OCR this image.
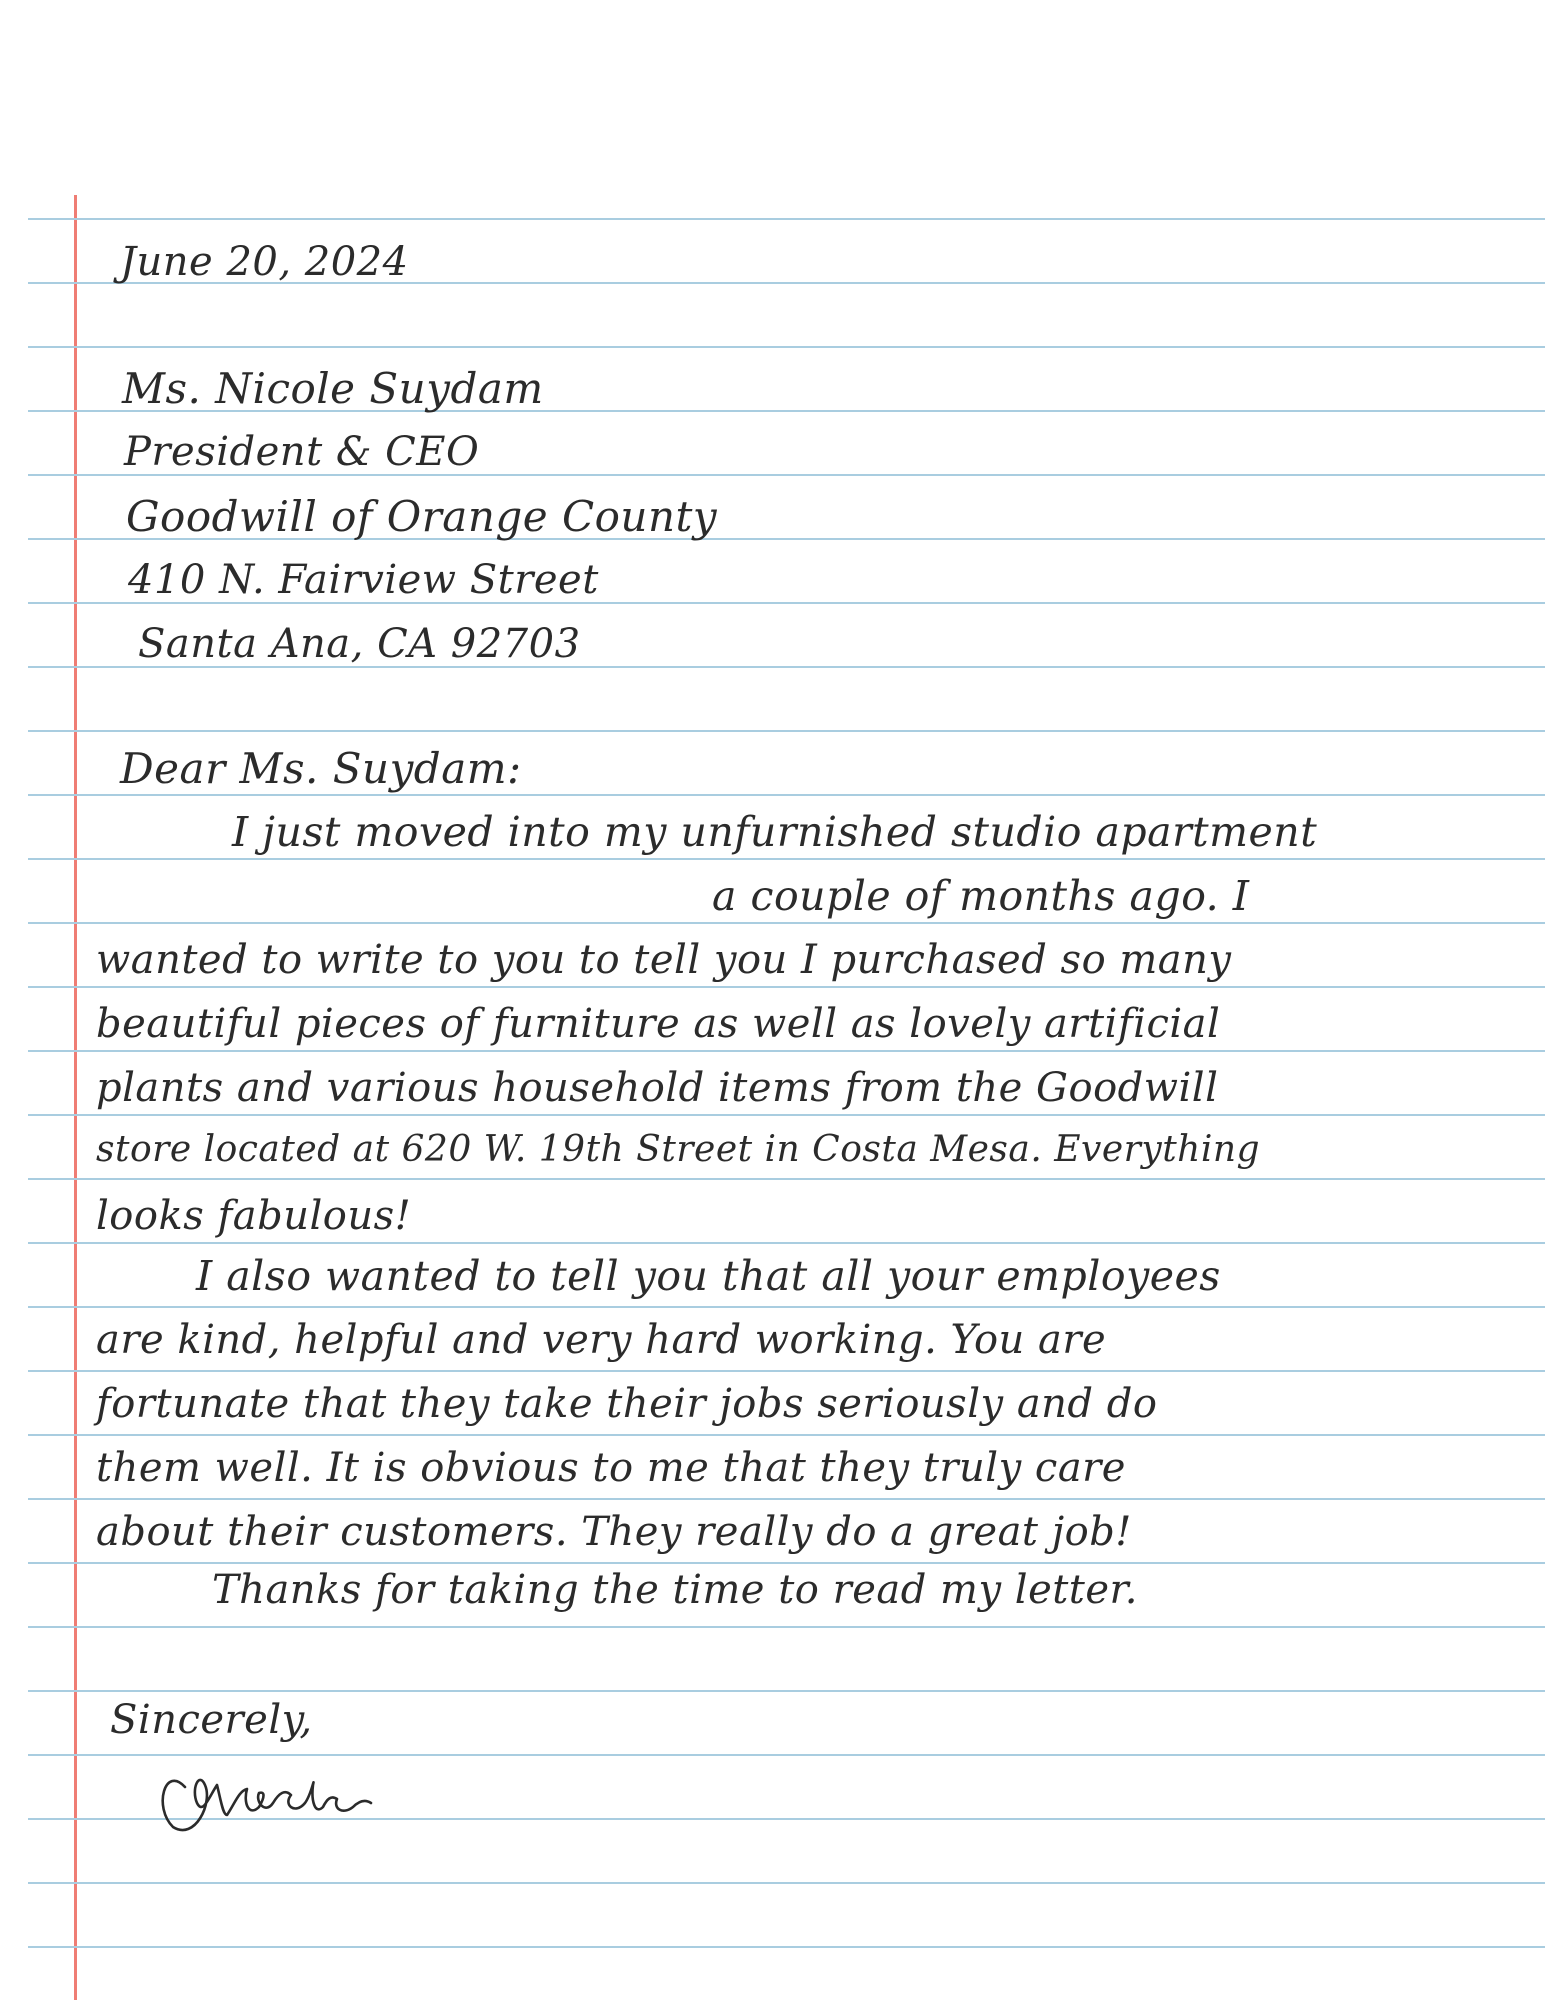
June 20, 2024
Ms. Nicole Suydam
President & CEO
Goodwill of Orange County
410 N. Fairview Street
Santa Ana, CA 92703
Dear Ms. Suydam:
I just moved into my unfurnished studio apartment
a couple of months ago. I
wanted to write to you to tell you I purchased so many
beautiful pieces of furniture as well as lovely artificial
plants and various household items from the Goodwill
store located at 620 W. 19th Street in Costa Mesa. Everything
looks fabulous!
I also wanted to tell you that all your employees
are kind, helpful and very hard working. You are
fortunate that they take their jobs seriously and do
them well. It is obvious to me that they truly care
about their customers. They really do a great job!
Thanks for taking the time to read my letter.
Sincerely,
